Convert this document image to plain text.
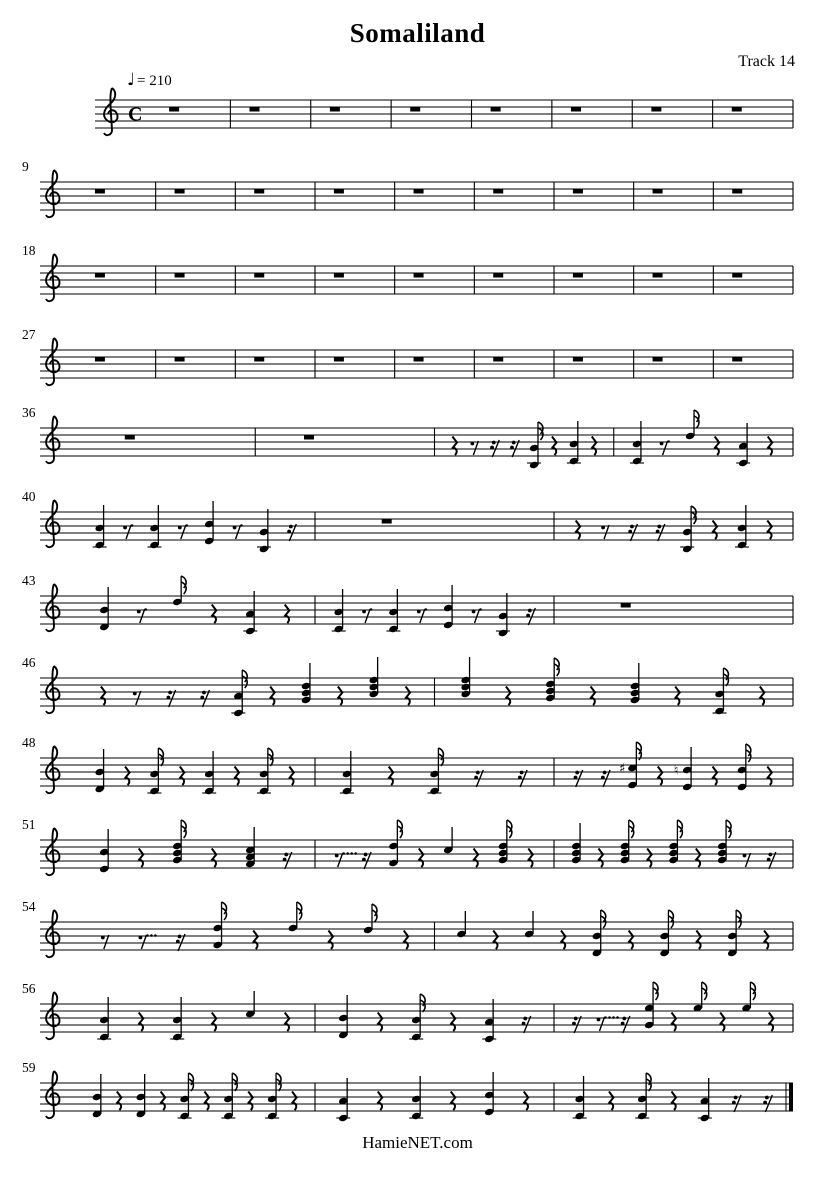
Somaliland
Track 14
♩ = 210
C
9
18
27
36
40
43
46
48
♯	♮
51
54
56
59
HamieNET.com
